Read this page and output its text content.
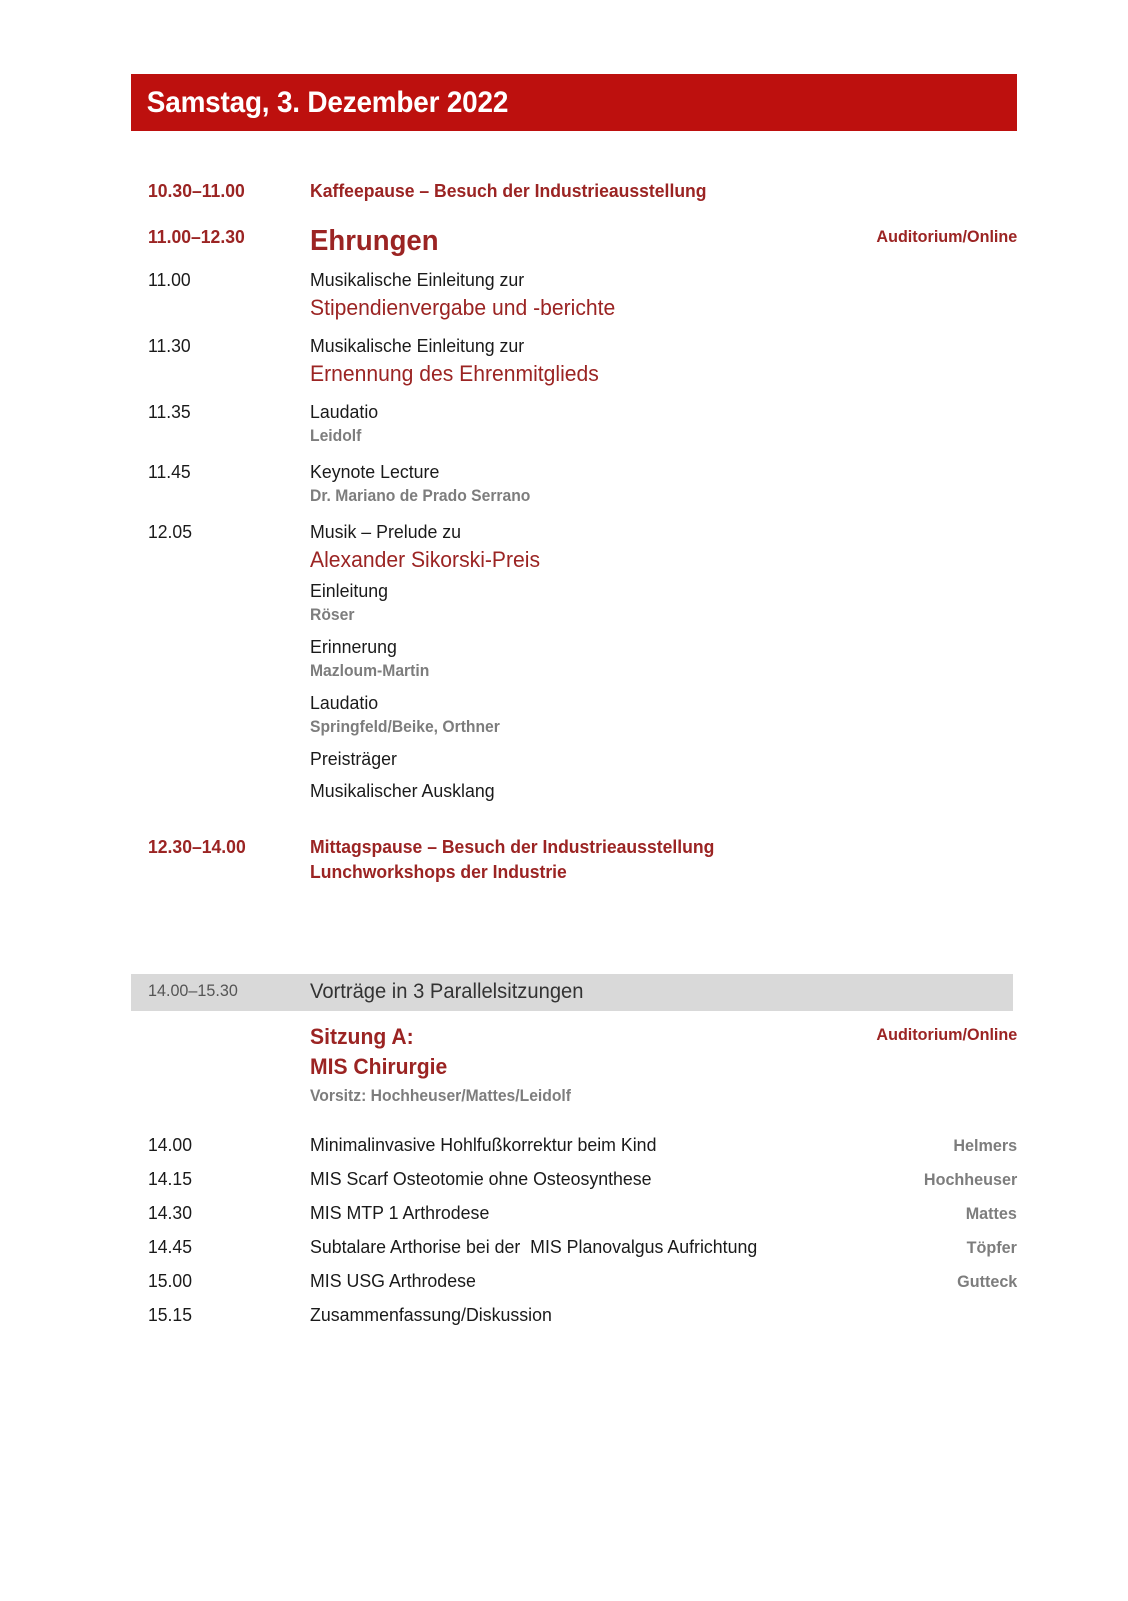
Samstag, 3. Dezember 2022
10.30–11.00	Kaffeepause – Besuch der Industrieausstellung
11.00–12.30	Ehrungen	Auditorium/Online
11.00	Musikalische Einleitung zur
Stipendienvergabe und -berichte
11.30	Musikalische Einleitung zur
Ernennung des Ehrenmitglieds
11.35	Laudatio
Leidolf
11.45	Keynote Lecture
Dr. Mariano de Prado Serrano
12.05	Musik – Prelude zu
Alexander Sikorski-Preis
Einleitung
Röser
Erinnerung
Mazloum-Martin
Laudatio
Springfeld/Beike, Orthner
Preisträger
Musikalischer Ausklang
12.30–14.00	Mittagspause – Besuch der Industrieausstellung
Lunchworkshops der Industrie
14.00–15.30	Vorträge in 3 Parallelsitzungen
Sitzung A:
MIS Chirurgie
Vorsitz: Hochheuser/Mattes/Leidolf
Auditorium/Online
14.00	Minimalinvasive Hohlfußkorrektur beim Kind	Helmers
14.15	MIS Scarf Osteotomie ohne Osteosynthese	Hochheuser
14.30	MIS MTP 1 Arthrodese	Mattes
14.45	Subtalare Arthorise bei der  MIS Planovalgus Aufrichtung	Töpfer
15.00	MIS USG Arthrodese	Gutteck
15.15	Zusammenfassung/Diskussion
